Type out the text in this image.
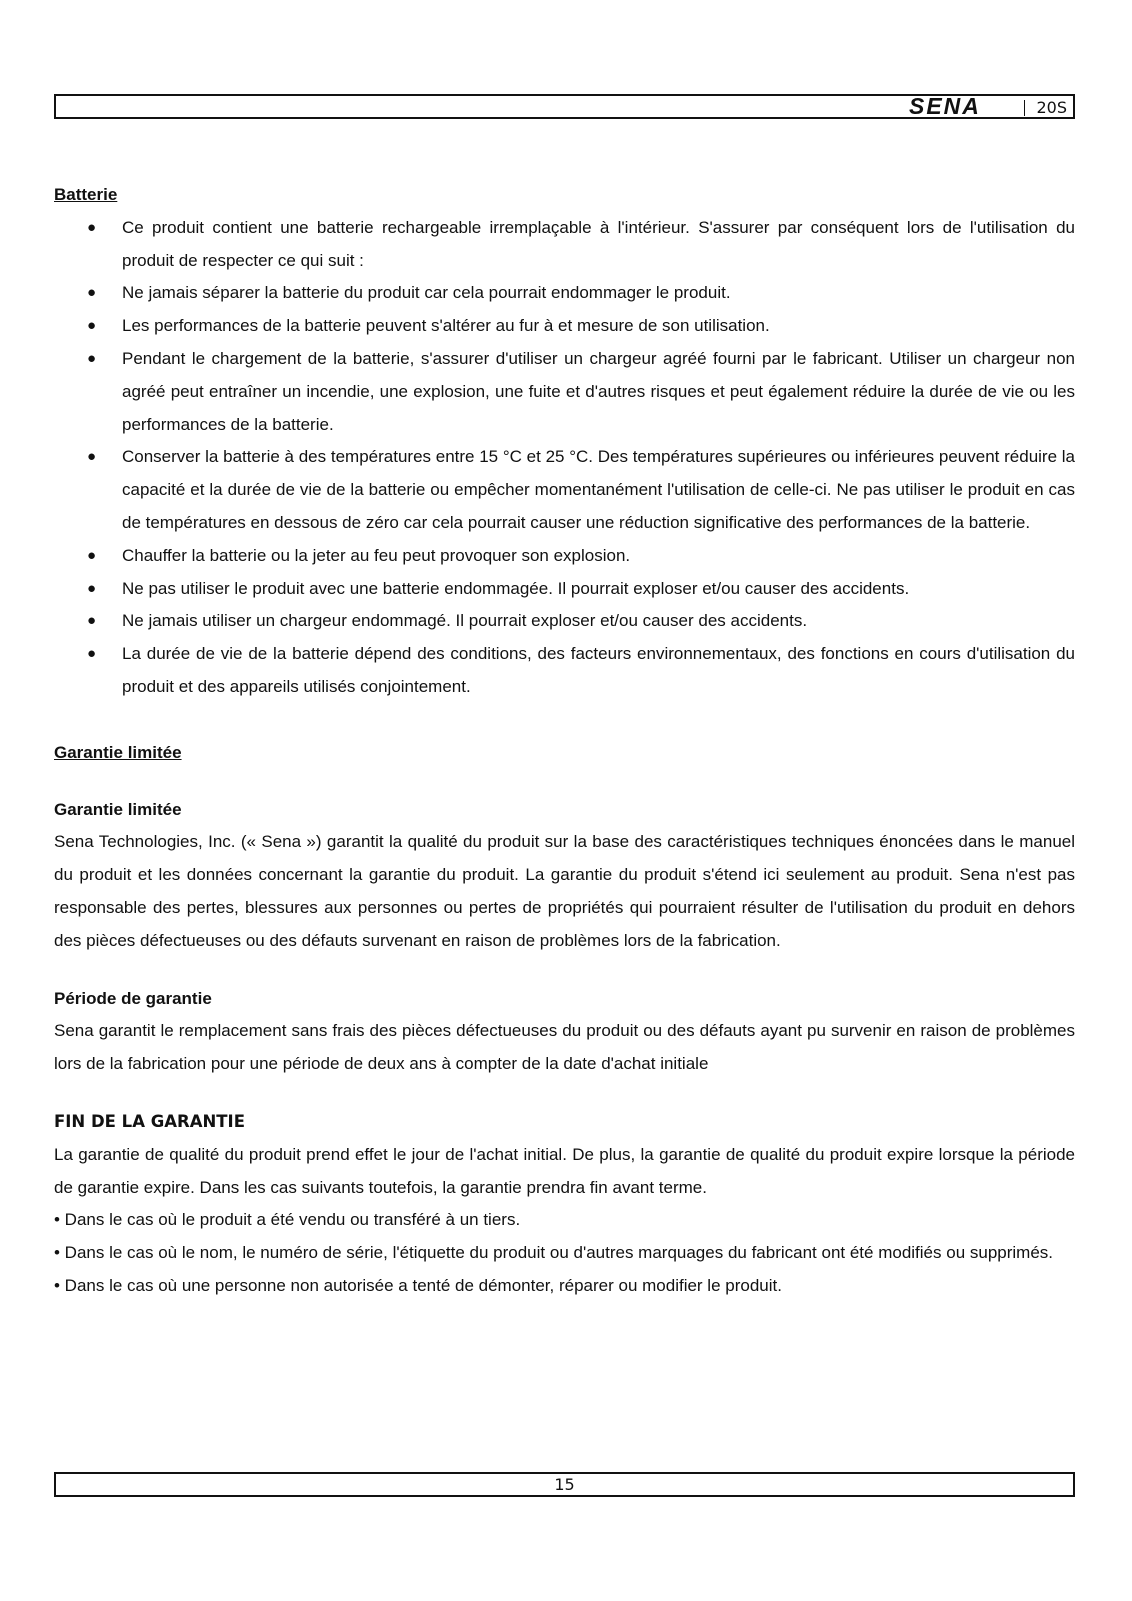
SENA	20S

Batterie

● Ce produit contient une batterie rechargeable irremplaçable à l'intérieur. S'assurer par conséquent lors de l'utilisation du produit de respecter ce qui suit :
● Ne jamais séparer la batterie du produit car cela pourrait endommager le produit.
● Les performances de la batterie peuvent s'altérer au fur à et mesure de son utilisation.
● Pendant le chargement de la batterie, s'assurer d'utiliser un chargeur agréé fourni par le fabricant. Utiliser un chargeur non agréé peut entraîner un incendie, une explosion, une fuite et d'autres risques et peut également réduire la durée de vie ou les performances de la batterie.
● Conserver la batterie à des températures entre 15 °C et 25 °C. Des températures supérieures ou inférieures peuvent réduire la capacité et la durée de vie de la batterie ou empêcher momentanément l'utilisation de celle-ci. Ne pas utiliser le produit en cas de températures en dessous de zéro car cela pourrait causer une réduction significative des performances de la batterie.
● Chauffer la batterie ou la jeter au feu peut provoquer son explosion.
● Ne pas utiliser le produit avec une batterie endommagée. Il pourrait exploser et/ou causer des accidents.
● Ne jamais utiliser un chargeur endommagé. Il pourrait exploser et/ou causer des accidents.
● La durée de vie de la batterie dépend des conditions, des facteurs environnementaux, des fonctions en cours d'utilisation du produit et des appareils utilisés conjointement.

Garantie limitée

Garantie limitée

Sena Technologies, Inc. (« Sena ») garantit la qualité du produit sur la base des caractéristiques techniques énoncées dans le manuel du produit et les données concernant la garantie du produit. La garantie du produit s'étend ici seulement au produit. Sena n'est pas responsable des pertes, blessures aux personnes ou pertes de propriétés qui pourraient résulter de l'utilisation du produit en dehors des pièces défectueuses ou des défauts survenant en raison de problèmes lors de la fabrication.

Période de garantie

Sena garantit le remplacement sans frais des pièces défectueuses du produit ou des défauts ayant pu survenir en raison de problèmes lors de la fabrication pour une période de deux ans à compter de la date d'achat initiale

FIN DE LA GARANTIE

La garantie de qualité du produit prend effet le jour de l'achat initial. De plus, la garantie de qualité du produit expire lorsque la période de garantie expire. Dans les cas suivants toutefois, la garantie prendra fin avant terme.

• Dans le cas où le produit a été vendu ou transféré à un tiers.

• Dans le cas où le nom, le numéro de série, l'étiquette du produit ou d'autres marquages du fabricant ont été modifiés ou supprimés.

• Dans le cas où une personne non autorisée a tenté de démonter, réparer ou modifier le produit.

15
